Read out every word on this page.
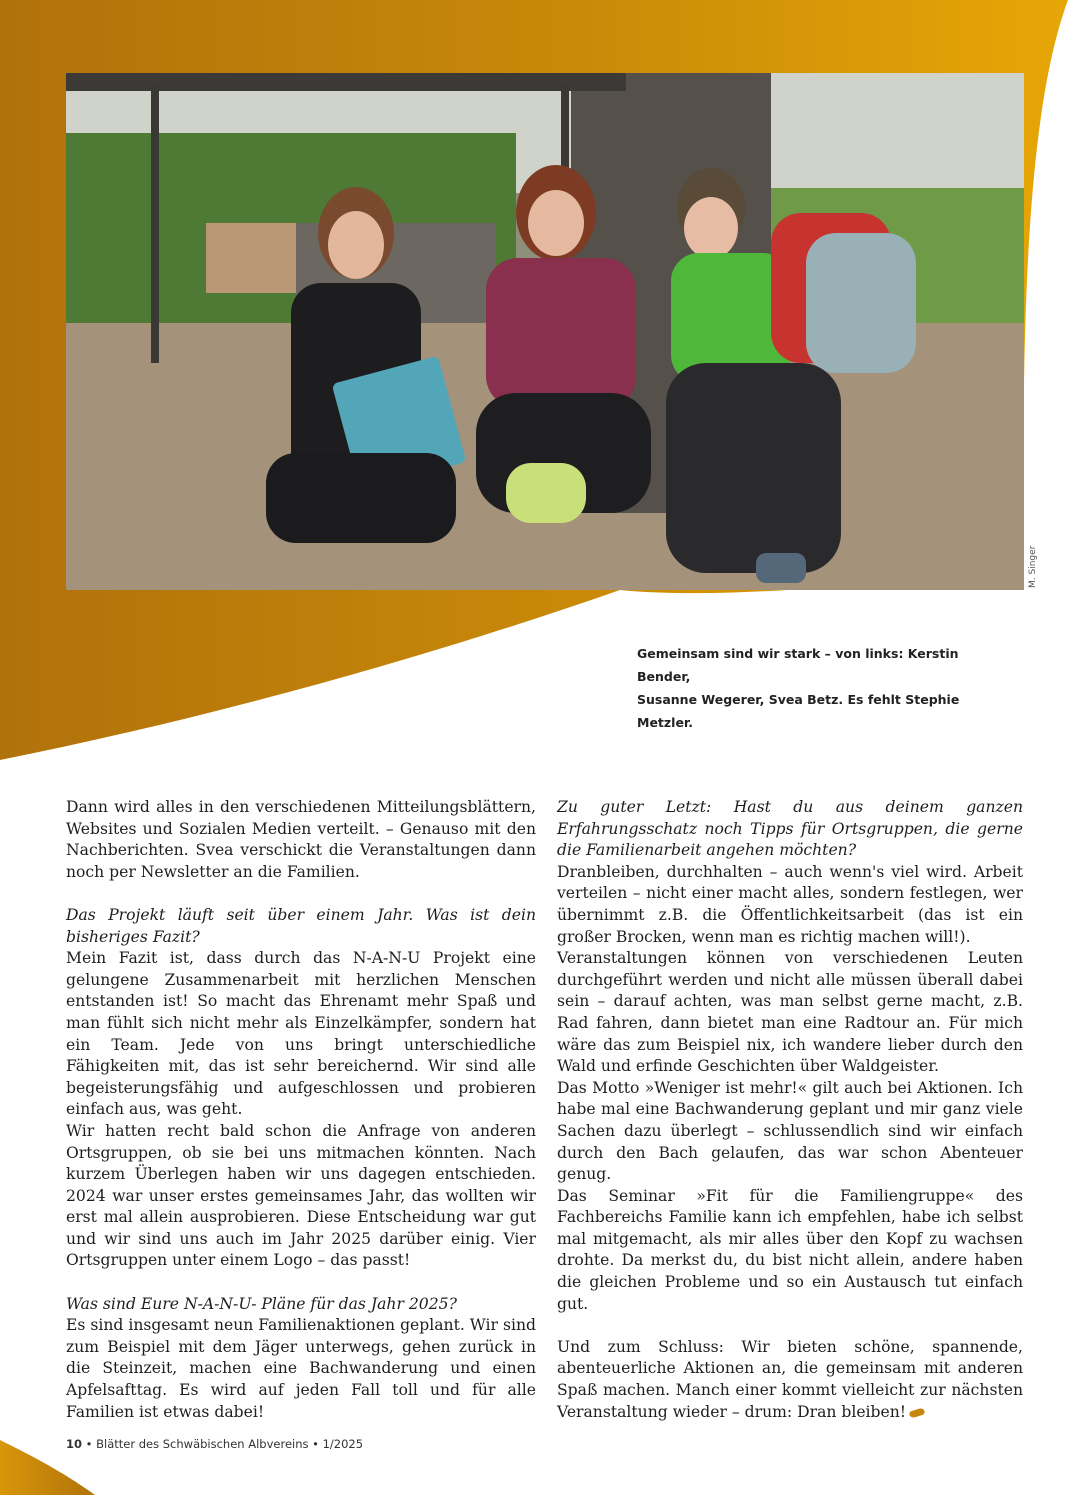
M. Singer
Gemeinsam sind wir stark – von links: Kerstin Bender,
Susanne Wegerer, Svea Betz. Es fehlt Stephie Metzler.

Dann wird alles in den verschiedenen Mitteilungsblättern, Websites und Sozialen Medien verteilt. – Genauso mit den Nachberichten. Svea verschickt die Veranstaltungen dann noch per Newsletter an die Familien.

Das Projekt läuft seit über einem Jahr. Was ist dein bisheriges Fazit?

Mein Fazit ist, dass durch das N-A-N-U Projekt eine gelungene Zusammenarbeit mit herzlichen Menschen entstanden ist! So macht das Ehrenamt mehr Spaß und man fühlt sich nicht mehr als Einzelkämpfer, sondern hat ein Team. Jede von uns bringt unterschiedliche Fähigkeiten mit, das ist sehr bereichernd. Wir sind alle begeisterungsfähig und aufgeschlossen und probieren einfach aus, was geht.

Wir hatten recht bald schon die Anfrage von anderen Ortsgruppen, ob sie bei uns mitmachen könnten. Nach kurzem Überlegen haben wir uns dagegen entschieden. 2024 war unser erstes gemeinsames Jahr, das wollten wir erst mal allein ausprobieren. Diese Entscheidung war gut und wir sind uns auch im Jahr 2025 darüber einig. Vier Ortsgruppen unter einem Logo – das passt!

Was sind Eure N-A-N-U- Pläne für das Jahr 2025?

Es sind insgesamt neun Familienaktionen geplant. Wir sind zum Beispiel mit dem Jäger unterwegs, gehen zurück in die Steinzeit, machen eine Bachwanderung und einen Apfelsafttag. Es wird auf jeden Fall toll und für alle Familien ist etwas dabei!

Zu guter Letzt: Hast du aus deinem ganzen Erfahrungsschatz noch Tipps für Ortsgruppen, die gerne die Familienarbeit angehen möchten?

Dranbleiben, durchhalten – auch wenn's viel wird. Arbeit verteilen – nicht einer macht alles, sondern festlegen, wer übernimmt z.B. die Öffentlichkeitsarbeit (das ist ein großer Brocken, wenn man es richtig machen will!).

Veranstaltungen können von verschiedenen Leuten durchgeführt werden und nicht alle müssen überall dabei sein – darauf achten, was man selbst gerne macht, z.B. Rad fahren, dann bietet man eine Radtour an. Für mich wäre das zum Beispiel nix, ich wandere lieber durch den Wald und erfinde Geschichten über Waldgeister.

Das Motto »Weniger ist mehr!« gilt auch bei Aktionen. Ich habe mal eine Bachwanderung geplant und mir ganz viele Sachen dazu überlegt – schlussendlich sind wir einfach durch den Bach gelaufen, das war schon Abenteuer genug.

Das Seminar »Fit für die Familiengruppe« des Fachbereichs Familie kann ich empfehlen, habe ich selbst mal mitgemacht, als mir alles über den Kopf zu wachsen drohte. Da merkst du, du bist nicht allein, andere haben die gleichen Probleme und so ein Austausch tut einfach gut.

Und zum Schluss: Wir bieten schöne, spannende, abenteuerliche Aktionen an, die gemeinsam mit anderen Spaß machen. Manch einer kommt vielleicht zur nächsten Veranstaltung wieder – drum: Dran bleiben!

10 • Blätter des Schwäbischen Albvereins • 1/2025
